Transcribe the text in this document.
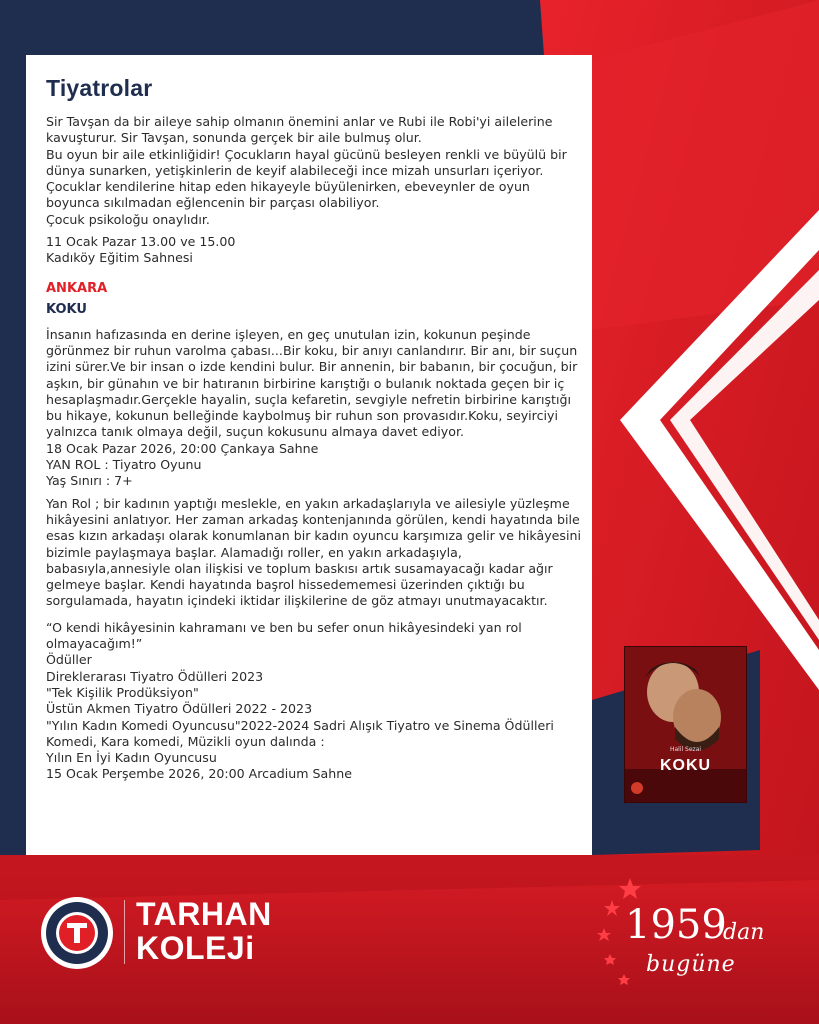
Tiyatrolar

Sir Tavşan da bir aileye sahip olmanın önemini anlar ve Rubi ile Robi'yi ailelerine kavuşturur. Sir Tavşan, sonunda gerçek bir aile bulmuş olur.

Bu oyun bir aile etkinliğidir! Çocukların hayal gücünü besleyen renkli ve büyülü bir dünya sunarken, yetişkinlerin de keyif alabileceği ince mizah unsurları içeriyor. Çocuklar kendilerine hitap eden hikayeyle büyülenirken, ebeveynler de oyun boyunca sıkılmadan eğlencenin bir parçası olabiliyor.

Çocuk psikoloğu onaylıdır.

11 Ocak Pazar 13.00 ve 15.00

Kadıköy Eğitim Sahnesi

ANKARA
KOKU

İnsanın hafızasında en derine işleyen, en geç unutulan izin, kokunun peşinde görünmez bir ruhun varolma çabası...Bir koku, bir anıyı canlandırır. Bir anı, bir suçun izini sürer.Ve bir insan o izde kendini bulur. Bir annenin, bir babanın, bir çocuğun, bir aşkın, bir günahın ve bir hatıranın birbirine karıştığı o bulanık noktada geçen bir iç hesaplaşmadır.Gerçekle hayalin, suçla kefaretin, sevgiyle nefretin birbirine karıştığı bu hikaye, kokunun belleğinde kaybolmuş bir ruhun son provasıdır.Koku, seyirciyi yalnızca tanık olmaya değil, suçun kokusunu almaya davet ediyor.

18 Ocak Pazar 2026, 20:00 Çankaya Sahne

YAN ROL : Tiyatro Oyunu

Yaş Sınırı : 7+

Yan Rol ; bir kadının yaptığı meslekle, en yakın arkadaşlarıyla ve ailesiyle yüzleşme hikâyesini anlatıyor. Her zaman arkadaş kontenjanında görülen, kendi hayatında bile esas kızın arkadaşı olarak konumlanan bir kadın oyuncu karşımıza gelir ve hikâyesini bizimle paylaşmaya başlar. Alamadığı roller, en yakın arkadaşıyla, babasıyla,annesiyle olan ilişkisi ve toplum baskısı artık susamayacağı kadar ağır gelmeye başlar. Kendi hayatında başrol hissedememesi üzerinden çıktığı bu sorgulamada, hayatın içindeki iktidar ilişkilerine de göz atmayı unutmayacaktır.

“O kendi hikâyesinin kahramanı ve ben bu sefer onun hikâyesindeki yan rol olmayacağım!”

Ödüller

Direklerarası Tiyatro Ödülleri 2023

"Tek Kişilik Prodüksiyon"

Üstün Akmen Tiyatro Ödülleri 2022 - 2023

"Yılın Kadın Komedi Oyuncusu"2022-2024 Sadri Alışık Tiyatro ve Sinema Ödülleri

Komedi, Kara komedi, Müzikli oyun dalında :

Yılın En İyi Kadın Oyuncusu

15 Ocak Perşembe 2026, 20:00 Arcadium Sahne

Halil Sezai
KOKU
TARHAN
KOLEJi	1959
'dan
bugüne
